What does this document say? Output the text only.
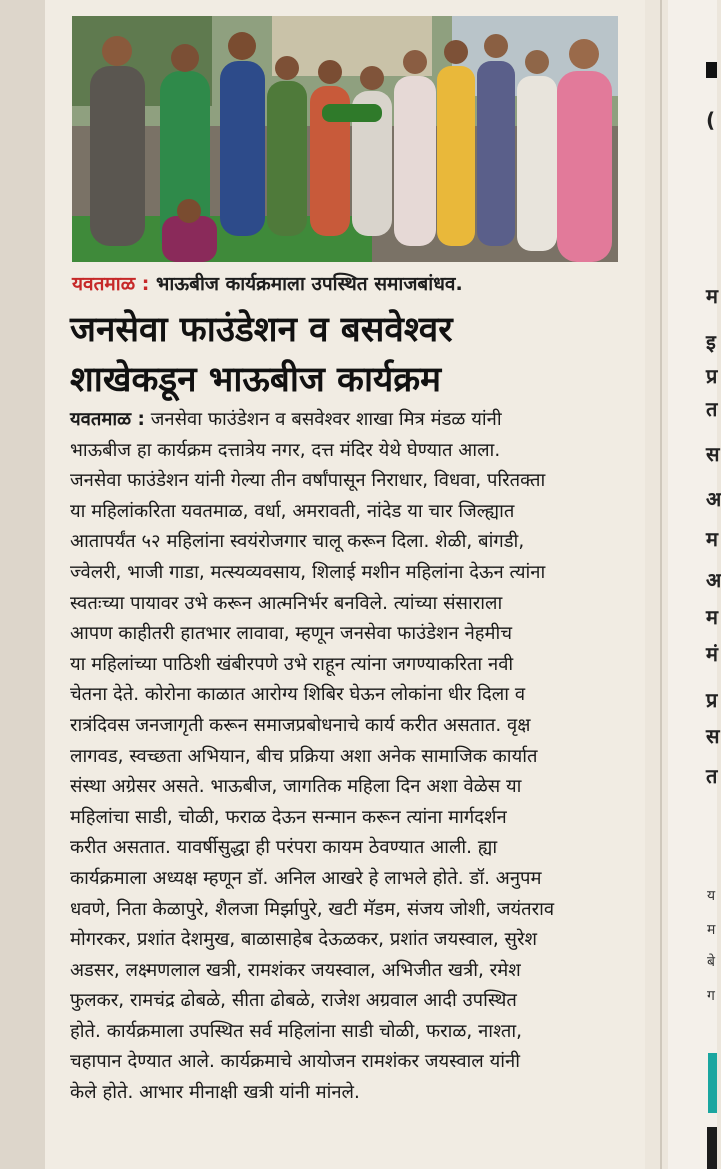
यवतमाळ : भाऊबीज कार्यक्रमाला उपस्थित समाजबांधव.
जनसेवा फाउंडेशन व बसवेश्वर
शाखेकडून भाऊबीज कार्यक्रम
यवतमाळ : जनसेवा फाउंडेशन व बसवेश्वर शाखा मित्र मंडळ यांनी
भाऊबीज हा कार्यक्रम दत्तात्रेय नगर, दत्त मंदिर येथे घेण्यात आला.
जनसेवा फाउंडेशन यांनी गेल्या तीन वर्षांपासून निराधार, विधवा, परितक्ता
या महिलांकरिता यवतमाळ, वर्धा, अमरावती, नांदेड या चार जिल्ह्यात
आतापर्यंत ५२ महिलांना स्वयंरोजगार चालू करून दिला. शेळी, बांगडी,
ज्वेलरी, भाजी गाडा, मत्स्यव्यवसाय, शिलाई मशीन महिलांना देऊन त्यांना
स्वतःच्या पायावर उभे करून आत्मनिर्भर बनविले. त्यांच्या संसाराला
आपण काहीतरी हातभार लावावा, म्हणून जनसेवा फाउंडेशन नेहमीच
या महिलांच्या पाठिशी खंबीरपणे उभे राहून त्यांना जगण्याकरिता नवी
चेतना देते. कोरोना काळात आरोग्य शिबिर घेऊन लोकांना धीर दिला व
रात्रंदिवस जनजागृती करून समाजप्रबोधनाचे कार्य करीत असतात. वृक्ष
लागवड, स्वच्छता अभियान, बीच प्रक्रिया अशा अनेक सामाजिक कार्यात
संस्था अग्रेसर असते. भाऊबीज, जागतिक महिला दिन अशा वेळेस या
महिलांचा साडी, चोळी, फराळ देऊन सन्मान करून त्यांना मार्गदर्शन
करीत असतात. यावर्षीसुद्धा ही परंपरा कायम ठेवण्यात आली. ह्या
कार्यक्रमाला अध्यक्ष म्हणून डॉ. अनिल आखरे हे लाभले होते. डॉ. अनुपम
धवणे, निता केळापुरे, शैलजा मिर्झापुरे, खटी मॅडम, संजय जोशी, जयंतराव
मोगरकर, प्रशांत देशमुख, बाळासाहेब देऊळकर, प्रशांत जयस्वाल, सुरेश
अडसर, लक्ष्मणलाल खत्री, रामशंकर जयस्वाल, अभिजीत खत्री, रमेश
फुलकर, रामचंद्र ढोबळे, सीता ढोबळे, राजेश अग्रवाल आदी उपस्थित
होते. कार्यक्रमाला उपस्थित सर्व महिलांना साडी चोळी, फराळ, नाश्ता,
चहापान देण्यात आले. कार्यक्रमाचे आयोजन रामशंकर जयस्वाल यांनी
केले होते. आभार मीनाक्षी खत्री यांनी मांनले.
(
म
इ
प्र
त
स
अ
म
अ
म
मं
प्र
स
त
य
म
बे
ग
